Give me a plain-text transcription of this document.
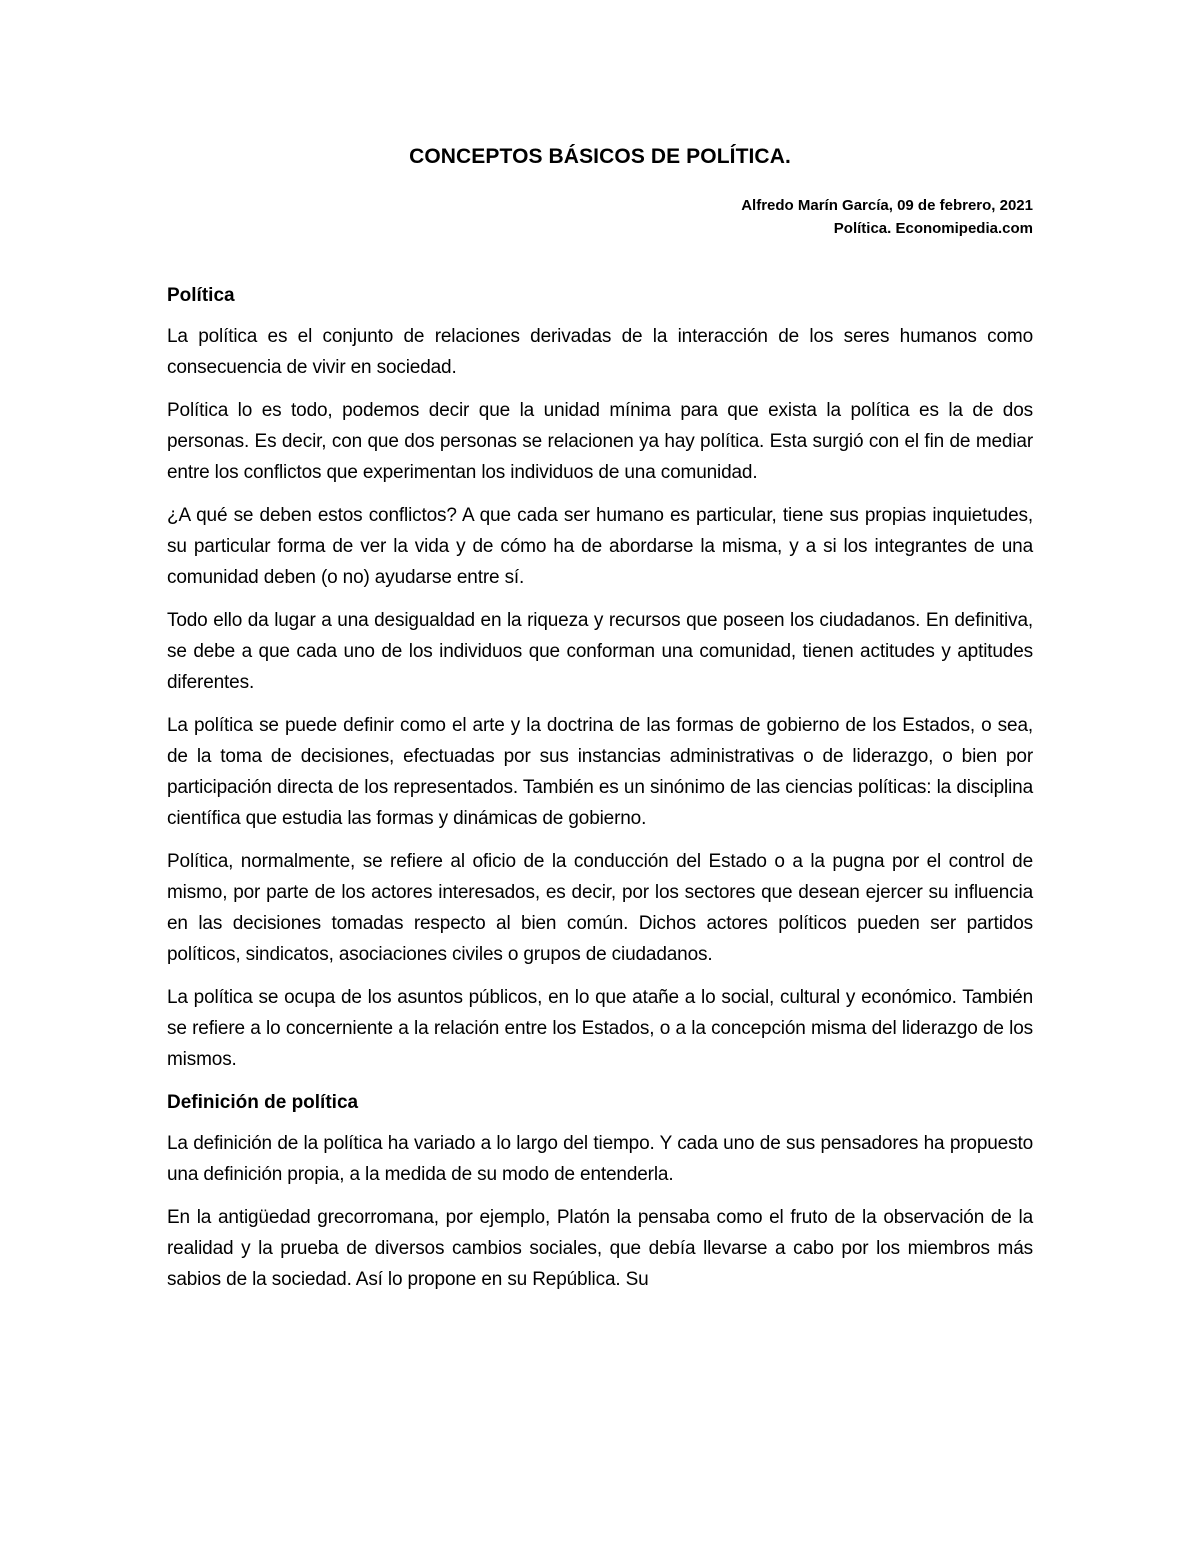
CONCEPTOS BÁSICOS DE POLÍTICA.
Alfredo Marín García, 09 de febrero, 2021
Política. Economipedia.com
Política

La política es el conjunto de relaciones derivadas de la interacción de los seres humanos como consecuencia de vivir en sociedad.

Política lo es todo, podemos decir que la unidad mínima para que exista la política es la de dos personas. Es decir, con que dos personas se relacionen ya hay política. Esta surgió con el fin de mediar entre los conflictos que experimentan los individuos de una comunidad.

¿A qué se deben estos conflictos? A que cada ser humano es particular, tiene sus propias inquietudes, su particular forma de ver la vida y de cómo ha de abordarse la misma, y a si los integrantes de una comunidad deben (o no) ayudarse entre sí.

Todo ello da lugar a una desigualdad en la riqueza y recursos que poseen los ciudadanos. En definitiva, se debe a que cada uno de los individuos que conforman una comunidad, tienen actitudes y aptitudes diferentes.

La política se puede definir como el arte y la doctrina de las formas de gobierno de los Estados, o sea, de la toma de decisiones, efectuadas por sus instancias administrativas o de liderazgo, o bien por participación directa de los representados. También es un sinónimo de las ciencias políticas: la disciplina científica que estudia las formas y dinámicas de gobierno.

Política, normalmente, se refiere al oficio de la conducción del Estado o a la pugna por el control de mismo, por parte de los actores interesados, es decir, por los sectores que desean ejercer su influencia en las decisiones tomadas respecto al bien común. Dichos actores políticos pueden ser partidos políticos, sindicatos, asociaciones civiles o grupos de ciudadanos.

La política se ocupa de los asuntos públicos, en lo que atañe a lo social, cultural y económico. También se refiere a lo concerniente a la relación entre los Estados, o a la concepción misma del liderazgo de los mismos.

Definición de política

La definición de la política ha variado a lo largo del tiempo. Y cada uno de sus pensadores ha propuesto una definición propia, a la medida de su modo de entenderla.

En la antigüedad grecorromana, por ejemplo, Platón la pensaba como el fruto de la observación de la realidad y la prueba de diversos cambios sociales, que debía llevarse a cabo por los miembros más sabios de la sociedad. Así lo propone en su República. Su
